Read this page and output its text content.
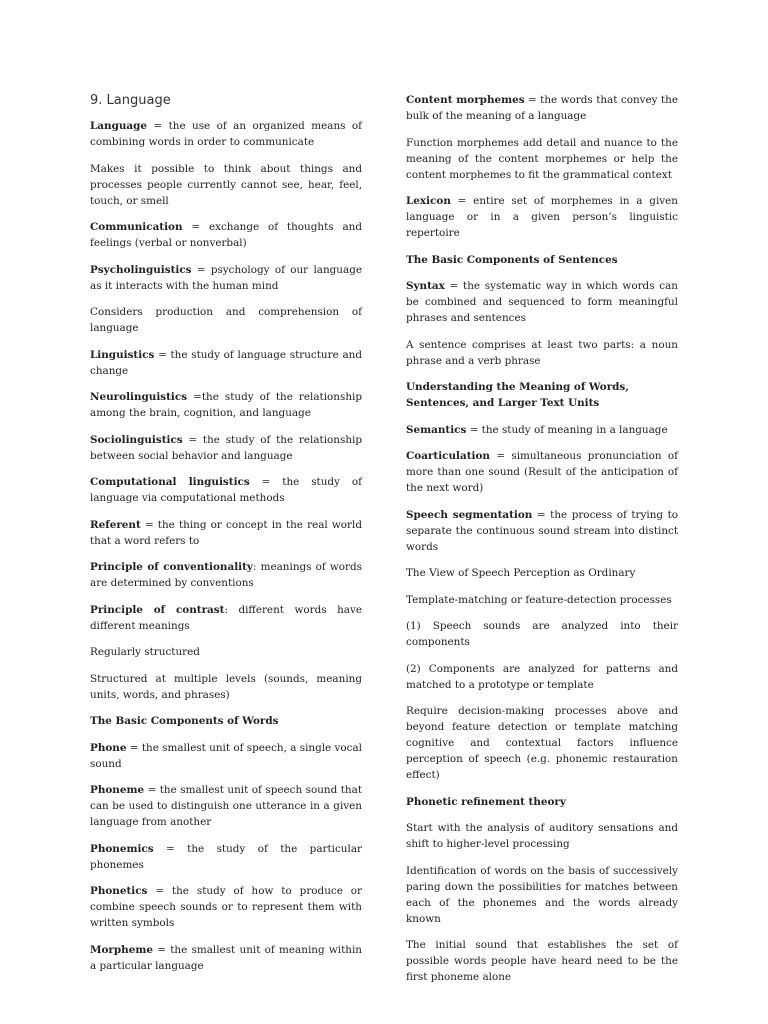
9. Language

Language = the use of an organized means of combining words in order to communicate

Makes it possible to think about things and processes people currently cannot see, hear, feel, touch, or smell

Communication = exchange of thoughts and feelings (verbal or nonverbal)

Psycholinguistics = psychology of our language as it interacts with the human mind

Considers production and comprehension of language

Linguistics = the study of language structure and change

Neurolinguistics =the study of the relationship among the brain, cognition, and language

Sociolinguistics = the study of the relationship between social behavior and language

Computational linguistics = the study of language via computational methods

Referent = the thing or concept in the real world that a word refers to

Principle of conventionality: meanings of words are determined by conventions

Principle of contrast: different words have different meanings

Regularly structured

Structured at multiple levels (sounds, meaning units, words, and phrases)

The Basic Components of Words

Phone = the smallest unit of speech, a single vocal sound

Phoneme = the smallest unit of speech sound that can be used to distinguish one utterance in a given language from another

Phonemics = the study of the particular phonemes

Phonetics = the study of how to produce or combine speech sounds or to represent them with written symbols

Morpheme = the smallest unit of meaning within a particular language

Content morphemes = the words that convey the bulk of the meaning of a language

Function morphemes add detail and nuance to the meaning of the content morphemes or help the content morphemes to fit the grammatical context

Lexicon = entire set of morphemes in a given language or in a given person’s linguistic repertoire

The Basic Components of Sentences

Syntax = the systematic way in which words can be combined and sequenced to form meaningful phrases and sentences

A sentence comprises at least two parts: a noun phrase and a verb phrase

Understanding the Meaning of Words, Sentences, and Larger Text Units

Semantics = the study of meaning in a language

Coarticulation = simultaneous pronunciation of more than one sound (Result of the anticipation of the next word)

Speech segmentation = the process of trying to separate the continuous sound stream into distinct words

The View of Speech Perception as Ordinary

Template-matching or feature-detection processes

(1) Speech sounds are analyzed into their components

(2) Components are analyzed for patterns and matched to a prototype or template

Require decision-making processes above and beyond feature detection or template matching cognitive and contextual factors influence perception of speech (e.g. phonemic restauration effect)

Phonetic refinement theory

Start with the analysis of auditory sensations and shift to higher-level processing

Identification of words on the basis of successively paring down the possibilities for matches between each of the phonemes and the words already known

The initial sound that establishes the set of possible words people have heard need to be the first phoneme alone
